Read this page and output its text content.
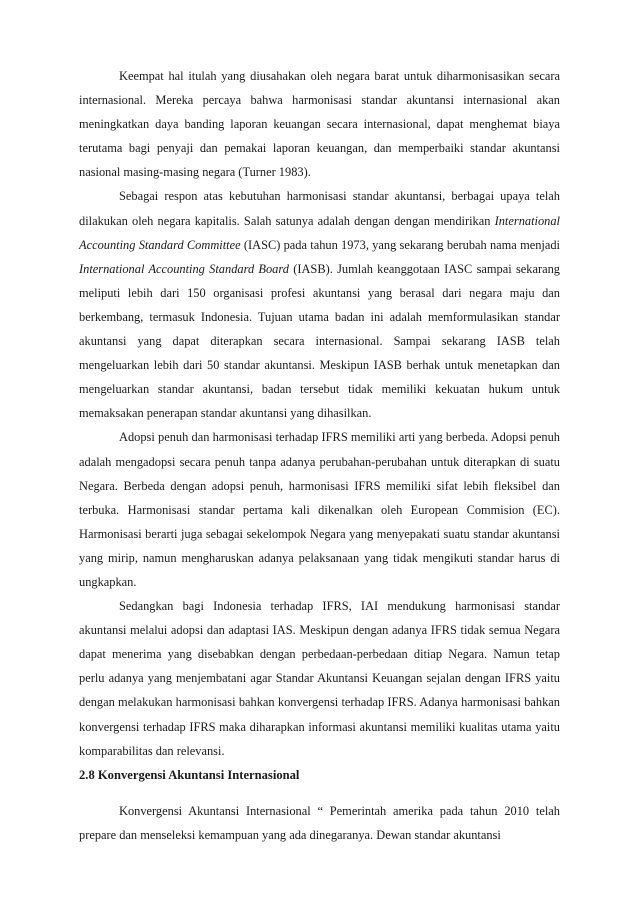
Keempat hal itulah yang diusahakan oleh negara barat untuk diharmonisasikan secara internasional. Mereka percaya bahwa harmonisasi standar akuntansi internasional akan meningkatkan daya banding laporan keuangan secara internasional, dapat menghemat biaya terutama bagi penyaji dan pemakai laporan keuangan, dan memperbaiki standar akuntansi nasional masing-masing negara (Turner 1983).

Sebagai respon atas kebutuhan harmonisasi standar akuntansi, berbagai upaya telah dilakukan oleh negara kapitalis. Salah satunya adalah dengan dengan mendirikan International Accounting Standard Committee (IASC) pada tahun 1973, yang sekarang berubah nama menjadi International Accounting Standard Board (IASB). Jumlah keanggotaan IASC sampai sekarang meliputi lebih dari 150 organisasi profesi akuntansi yang berasal dari negara maju dan berkembang, termasuk Indonesia. Tujuan utama badan ini adalah memformulasikan standar akuntansi yang dapat diterapkan secara internasional. Sampai sekarang IASB telah mengeluarkan lebih dari 50 standar akuntansi. Meskipun IASB berhak untuk menetapkan dan mengeluarkan standar akuntansi, badan tersebut tidak memiliki kekuatan hukum untuk memaksakan penerapan standar akuntansi yang dihasilkan.

Adopsi penuh dan harmonisasi terhadap IFRS memiliki arti yang berbeda. Adopsi penuh adalah mengadopsi secara penuh tanpa adanya perubahan-perubahan untuk diterapkan di suatu Negara. Berbeda dengan adopsi penuh, harmonisasi IFRS memiliki sifat lebih fleksibel dan terbuka. Harmonisasi standar pertama kali dikenalkan oleh European Commision (EC). Harmonisasi berarti juga sebagai sekelompok Negara yang menyepakati suatu standar akuntansi yang mirip, namun mengharuskan adanya pelaksanaan yang tidak mengikuti standar harus di ungkapkan.

Sedangkan bagi Indonesia terhadap IFRS, IAI mendukung harmonisasi standar akuntansi melalui adopsi dan adaptasi IAS. Meskipun dengan adanya IFRS tidak semua Negara dapat menerima yang disebabkan dengan perbedaan-perbedaan ditiap Negara. Namun tetap perlu adanya yang menjembatani agar Standar Akuntansi Keuangan sejalan dengan IFRS yaitu dengan melakukan harmonisasi bahkan konvergensi terhadap IFRS. Adanya harmonisasi bahkan konvergensi terhadap IFRS maka diharapkan informasi akuntansi memiliki kualitas utama yaitu komparabilitas dan relevansi.

2.8 Konvergensi Akuntansi Internasional

Konvergensi Akuntansi Internasional “ Pemerintah amerika pada tahun 2010 telah prepare dan menseleksi kemampuan yang ada dinegaranya. Dewan standar akuntansi
